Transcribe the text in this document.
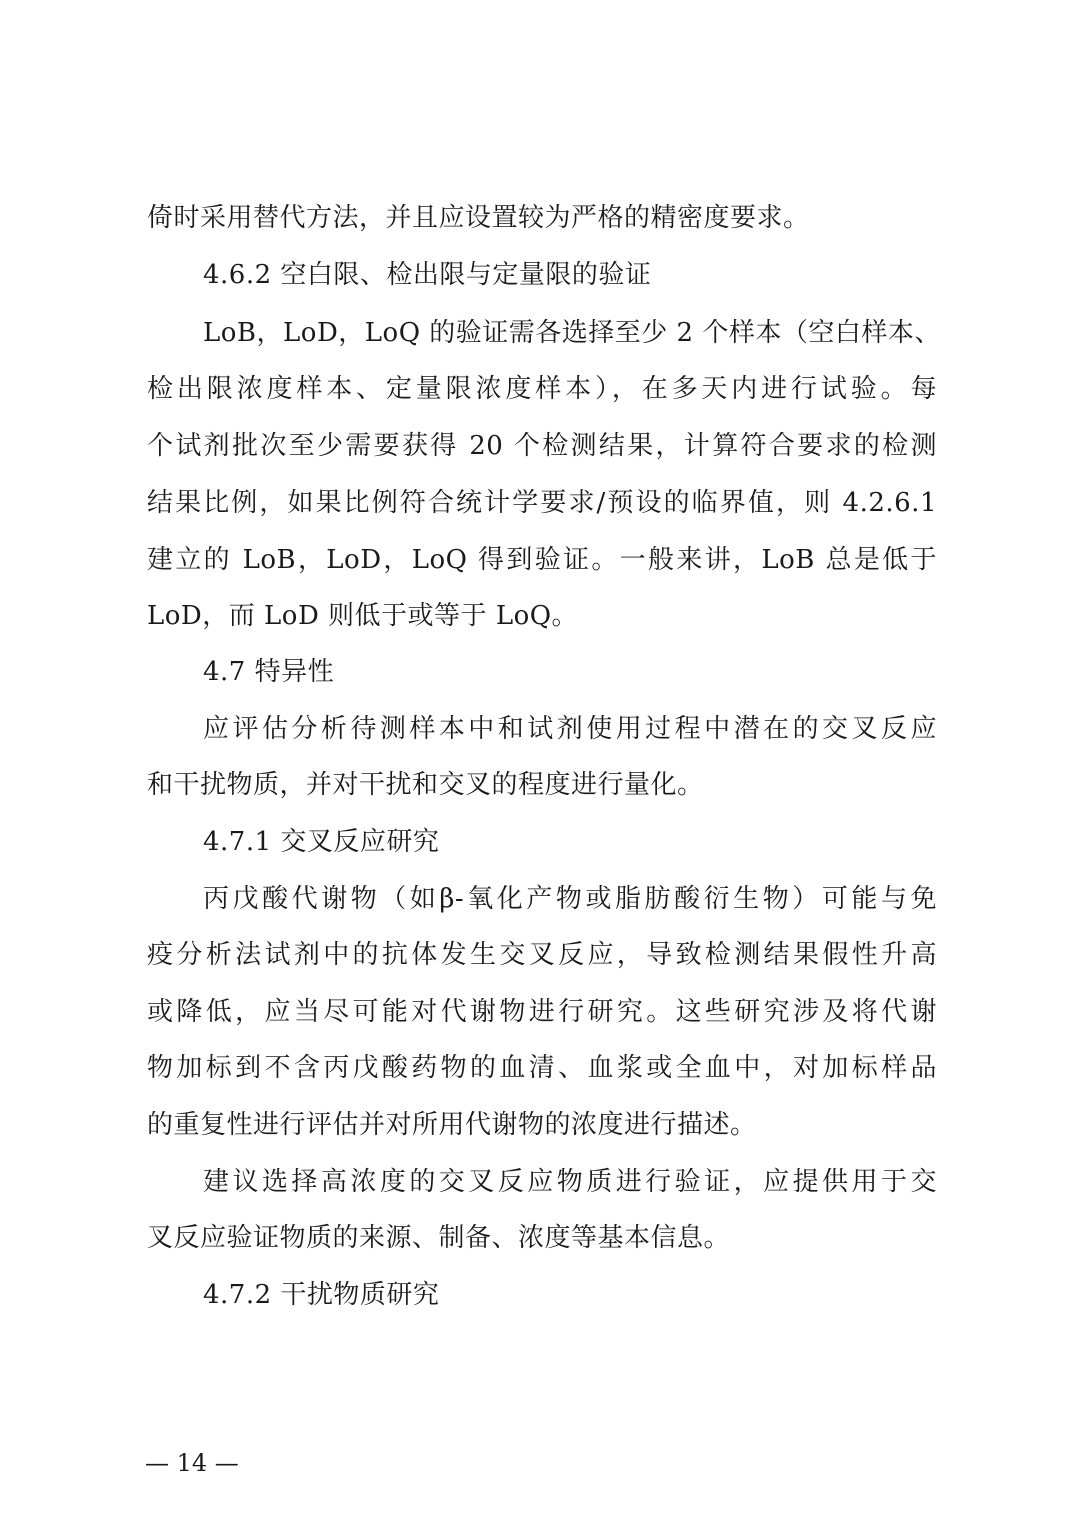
倚时采用替代方法，并且应设置较为严格的精密度要求。
4.6.2 空白限、检出限与定量限的验证
LoB，LoD，LoQ 的验证需各选择至少 2 个样本（空白样本、
检出限浓度样本、定量限浓度样本），在多天内进行试验。每
个试剂批次至少需要获得 20 个检测结果，计算符合要求的检测
结果比例，如果比例符合统计学要求/预设的临界值，则 4.2.6.1
建立的 LoB，LoD，LoQ 得到验证。一般来讲，LoB 总是低于
LoD，而 LoD 则低于或等于 LoQ。
4.7 特异性
应评估分析待测样本中和试剂使用过程中潜在的交叉反应
和干扰物质，并对干扰和交叉的程度进行量化。
4.7.1 交叉反应研究
丙戊酸代谢物（如β-氧化产物或脂肪酸衍生物）可能与免
疫分析法试剂中的抗体发生交叉反应，导致检测结果假性升高
或降低，应当尽可能对代谢物进行研究。这些研究涉及将代谢
物加标到不含丙戊酸药物的血清、血浆或全血中，对加标样品
的重复性进行评估并对所用代谢物的浓度进行描述。
建议选择高浓度的交叉反应物质进行验证，应提供用于交
叉反应验证物质的来源、制备、浓度等基本信息。
4.7.2 干扰物质研究
— 14 —
